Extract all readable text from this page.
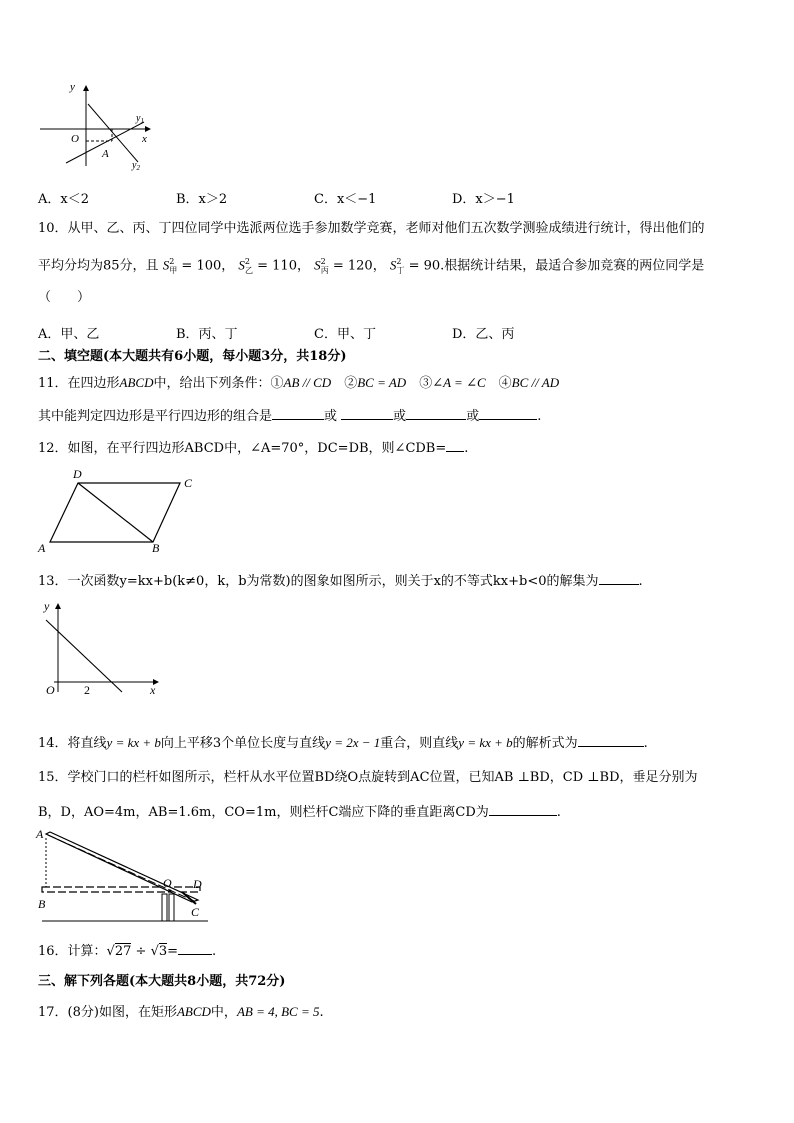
y
x
O
A
$y_1$
$y_2$
A．x＜2	B．x＞2	C．x＜−1	D．x＞−1
10．从甲、乙、丙、丁四位同学中选派两位选手参加数学竞赛，老师对他们五次数学测验成绩进行统计，得出他们的
平均分均为85分，且 $S^2_甲 = 100$， $S^2_乙 = 110$， $S^2_丙 = 120$， $S^2_丁 = 90$.根据统计结果，最适合参加竞赛的两位同学是
（　　）
A．甲、乙	B．丙、丁	C．甲、丁	D．乙、丙
二、填空题(本大题共有6小题，每小题3分，共18分)
11．在四边形ABCD中，给出下列条件：①AB // CD　②BC = AD　③∠A = ∠C　④BC // AD
其中能判定四边形是平行四边形的组合是	或	或	或	.
12．如图，在平行四边形ABCD中，∠A=70°，DC=DB，则∠CDB= .
D
C
A	B
13．一次函数y=kx+b(k≠0，k，b为常数)的图象如图所示，则关于x的不等式kx+b<0的解集为	.
y
O 2	x
14．将直线y = kx + b向上平移3个单位长度与直线y = 2x − 1重合，则直线y = kx + b的解析式为	.
15．学校门口的栏杆如图所示，栏杆从水平位置BD绕O点旋转到AC位置，已知AB ⊥BD，CD ⊥BD，垂足分别为
B，D，AO=4m，AB=1.6m，CO=1m，则栏杆C端应下降的垂直距离CD为	.
A
B
O D
C
16．计算：√27 ÷ √3=	.
三、解下列各题(本大题共8小题，共72分)
17．(8分)如图，在矩形ABCD中，AB = 4, BC = 5.
